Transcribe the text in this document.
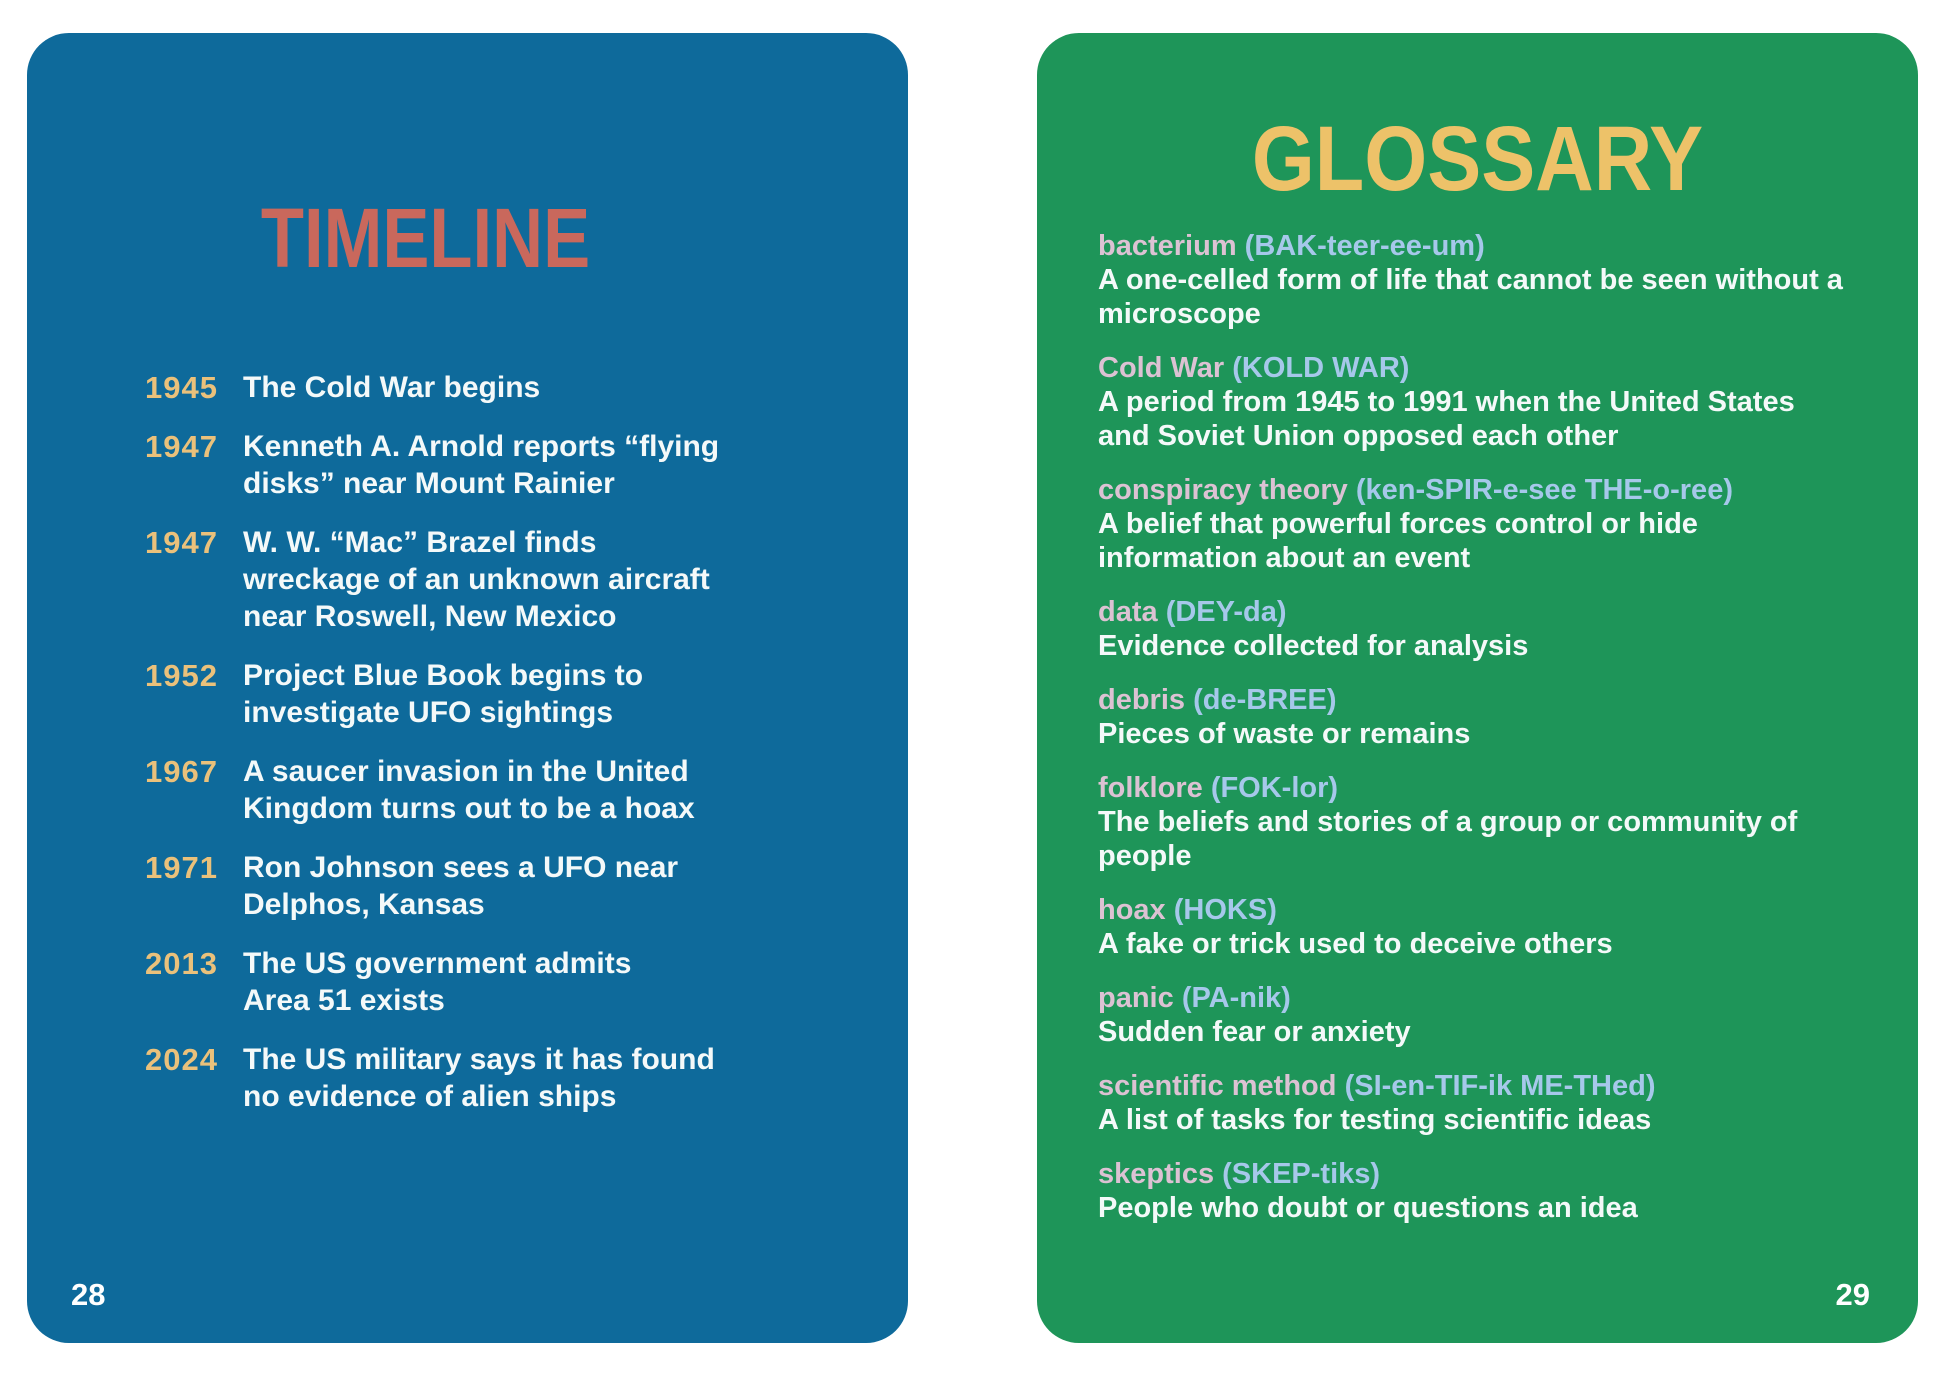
TIMELINE
1945 The Cold War begins
1947 Kenneth A. Arnold reports “flying
disks” near Mount Rainier
1947 W. W. “Mac” Brazel finds
wreckage of an unknown aircraft
near Roswell, New Mexico
1952 Project Blue Book begins to
investigate UFO sightings
1967 A saucer invasion in the United
Kingdom turns out to be a hoax
1971 Ron Johnson sees a UFO near
Delphos, Kansas
2013 The US government admits
Area 51 exists
2024 The US military says it has found
no evidence of alien ships
28
GLOSSARY
bacterium (BAK-teer-ee-um)
A one-celled form of life that cannot be seen without a
microscope
Cold War (KOLD WAR)
A period from 1945 to 1991 when the United States
and Soviet Union opposed each other
conspiracy theory (ken-SPIR-e-see THE-o-ree)
A belief that powerful forces control or hide
information about an event
data (DEY-da)
Evidence collected for analysis
debris (de-BREE)
Pieces of waste or remains
folklore (FOK-lor)
The beliefs and stories of a group or community of
people
hoax (HOKS)
A fake or trick used to deceive others
panic (PA-nik)
Sudden fear or anxiety
scientific method (SI-en-TIF-ik ME-THed)
A list of tasks for testing scientific ideas
skeptics (SKEP-tiks)
People who doubt or questions an idea
29
